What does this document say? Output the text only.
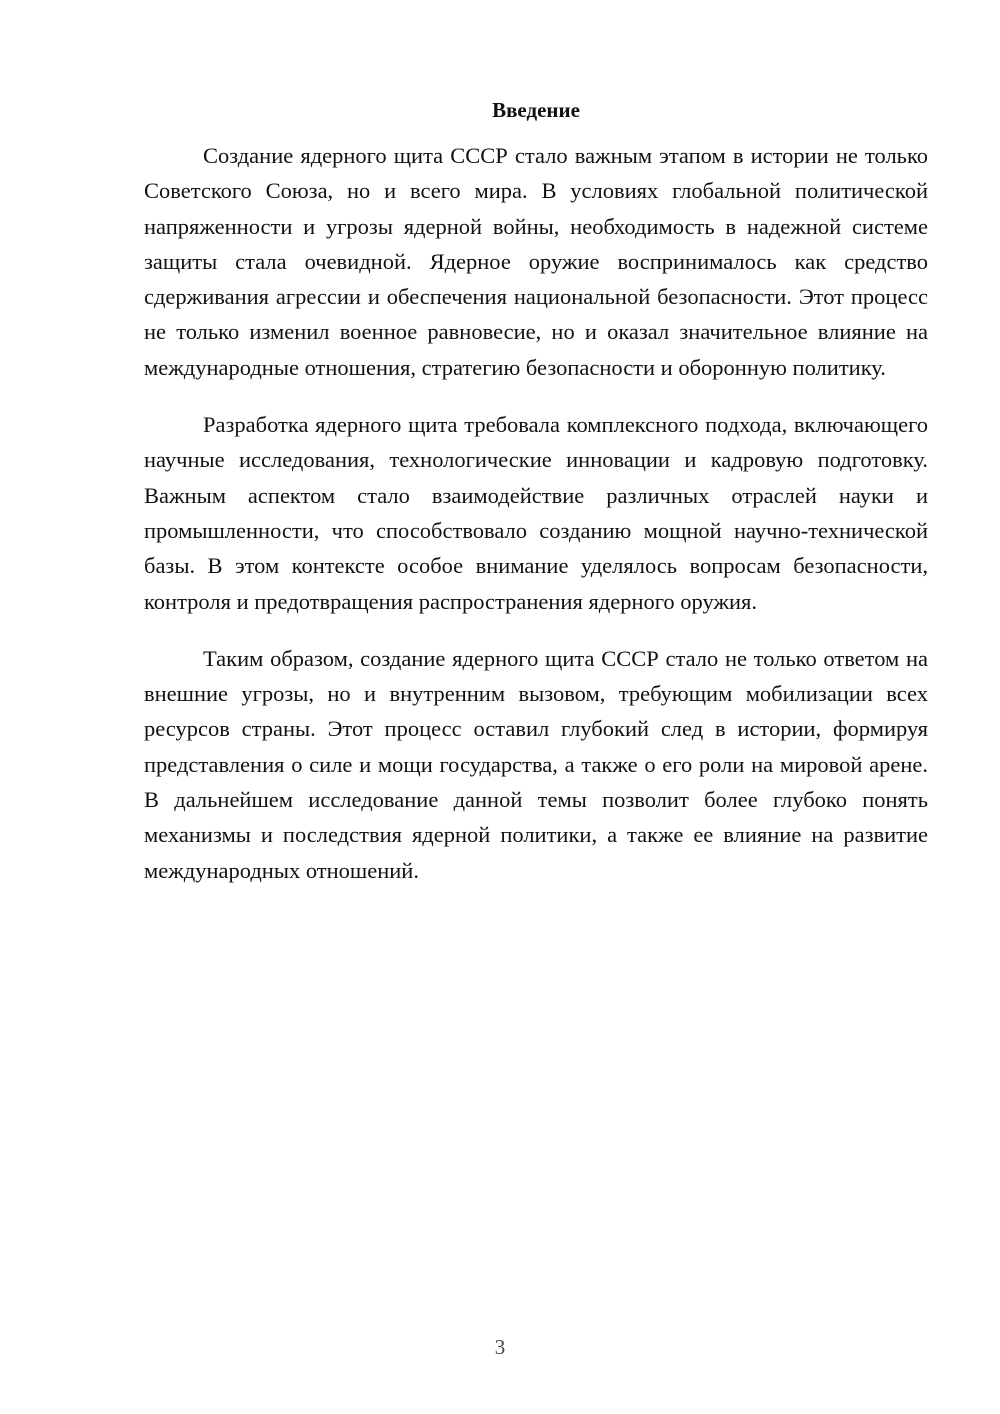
Введение

Создание ядерного щита СССР стало важным этапом в истории не только Советского Союза, но и всего мира. В условиях глобальной политической напряженности и угрозы ядерной войны, необходимость в надежной системе защиты стала очевидной. Ядерное оружие воспринималось как средство сдерживания агрессии и обеспечения национальной безопасности. Этот процесс не только изменил военное равновесие, но и оказал значительное влияние на международные отношения, стратегию безопасности и оборонную политику.

Разработка ядерного щита требовала комплексного подхода, включающего научные исследования, технологические инновации и кадровую подготовку. Важным аспектом стало взаимодействие различных отраслей науки и промышленности, что способствовало созданию мощной научно-технической базы. В этом контексте особое внимание уделялось вопросам безопасности, контроля и предотвращения распространения ядерного оружия.

Таким образом, создание ядерного щита СССР стало не только ответом на внешние угрозы, но и внутренним вызовом, требующим мобилизации всех ресурсов страны. Этот процесс оставил глубокий след в истории, формируя представления о силе и мощи государства, а также о его роли на мировой арене. В дальнейшем исследование данной темы позволит более глубоко понять механизмы и последствия ядерной политики, а также ее влияние на развитие международных отношений.

3
